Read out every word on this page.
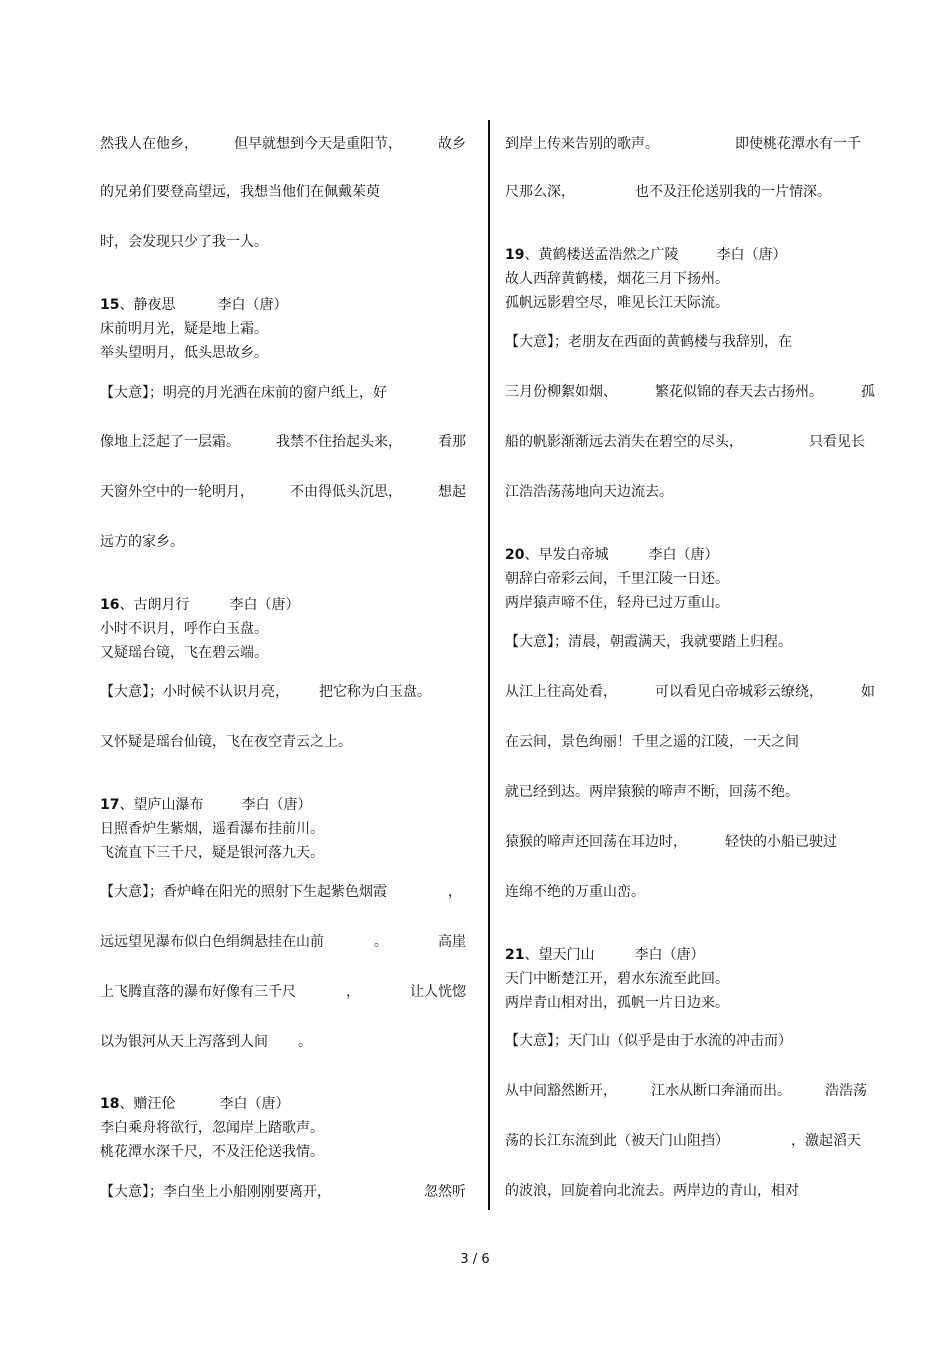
然我人在他乡，	但早就想到今天是重阳节，	故乡
的兄弟们要登高望远，我想当他们在佩戴茱萸
时，会发现只少了我一人。
15、静夜思	李白（唐）
床前明月光，疑是地上霜。
举头望明月，低头思故乡。
【大意】；明亮的月光洒在床前的窗户纸上，好
像地上泛起了一层霜。	我禁不住抬起头来，	看那
天窗外空中的一轮明月，	不由得低头沉思，	想起
远方的家乡。
16、古朗月行	李白（唐）
小时不识月，呼作白玉盘。
又疑瑶台镜，飞在碧云端。
【大意】；小时候不认识月亮， 把它称为白玉盘。
又怀疑是瑶台仙镜，飞在夜空青云之上。
17、望庐山瀑布	李白（唐）
日照香炉生紫烟，遥看瀑布挂前川。
飞流直下三千尺，疑是银河落九天。
【大意】；香炉峰在阳光的照射下生起紫色烟霞	，
远远望见瀑布似白色绢绸悬挂在山前	。	高崖
上飞腾直落的瀑布好像有三千尺	，	让人恍惚
以为银河从天上泻落到人间 。
18、赠汪伦	李白（唐）
李白乘舟将欲行，忽闻岸上踏歌声。
桃花潭水深千尺，不及汪伦送我情。
【大意】；李白坐上小船刚刚要离开，	忽然听
到岸上传来告别的歌声。	即使桃花潭水有一千
尺那么深，	也不及汪伦送别我的一片情深。
19、黄鹤楼送孟浩然之广陵	李白（唐）
故人西辞黄鹤楼，烟花三月下扬州。
孤帆远影碧空尽，唯见长江天际流。
【大意】；老朋友在西面的黄鹤楼与我辞别，在
三月份柳絮如烟、	繁花似锦的春天去古扬州。	孤
船的帆影渐渐远去消失在碧空的尽头，	只看见长
江浩浩荡荡地向天边流去。
20、早发白帝城	李白（唐）
朝辞白帝彩云间，千里江陵一日还。
两岸猿声啼不住，轻舟已过万重山。
【大意】；清晨，朝霞满天，我就要踏上归程。
从江上往高处看，	可以看见白帝城彩云缭绕，	如
在云间，景色绚丽！千里之遥的江陵，一天之间
就已经到达。两岸猿猴的啼声不断，回荡不绝。
猿猴的啼声还回荡在耳边时，	轻快的小船已驶过
连绵不绝的万重山峦。
21、望天门山	李白（唐）
天门中断楚江开，碧水东流至此回。
两岸青山相对出，孤帆一片日边来。
【大意】；天门山（似乎是由于水流的冲击而）
从中间豁然断开， 江水从断口奔涌而出。 浩浩荡
荡的长江东流到此（被天门山阻挡）	，激起滔天
的波浪，回旋着向北流去。两岸边的青山，相对
3 / 6
